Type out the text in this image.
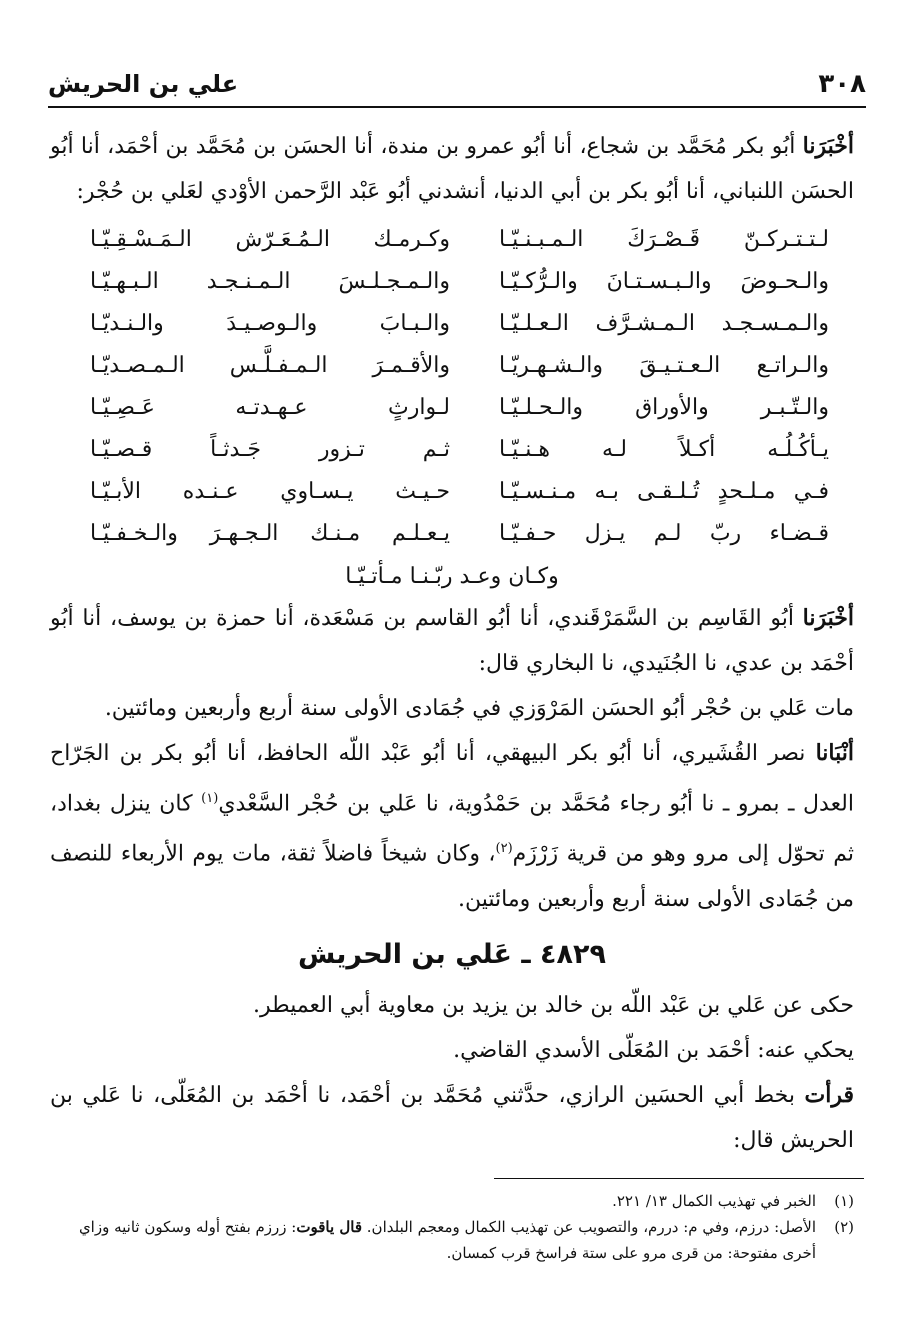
٣٠٨
علي بن الحريش

أخْبَرَنا أبُو بكر مُحَمَّد بن شجاع، أنا أبُو عمرو بن مندة، أنا الحسَن بن مُحَمَّد بن أحْمَد، أنا أبُو الحسَن اللنباني، أنا أبُو بكر بن أبي الدنيا، أنشدني أبُو عَبْد الرَّحمن الأوْدي لعَلي بن حُجْر:

لـتـتـركـنّ قَـصْـرَكَ الـمـبـنـيّـا
وكـرمـك الـمُـعَـرّش الـمَـسْـقِـيّـا
والـحـوضَ والـبـسـتـانَ والـرُّكـيّـا
والـمـجـلـسَ الـمـنـجـد الـبـهـيّـا
والـمـسـجـد الـمـشـرَّف الـعـلـيّـا
والـبـابَ والـوصـيـدَ والـنـديّـا
والـراتـع الـعـتـيـقَ والـشـهـريّـا
والأقـمـرَ الـمـفـلَّـس الـمـصـديّـا
والـتّـبـر والأوراق والـحـلـيّـا
لـوارثٍ عـهـدتـه عَـصِـيّـا
يـأكُـلُـه أكـلاً لـه هـنـيّـا
ثـم تـزور جَـدثـاً قـصـيّـا
فـي مـلـحدٍ تُـلـقـى بـه مـنـسـيّـا
حـيـث يـسـاوي عـنـده الأبـيّـا
قـضـاء ربّ لـم يـزل حـفـيّـا
يـعـلـم مـنـك الـجـهـرَ والـخـفـيّـا
وكـان وعـد ربّـنـا مـأتـيّـا

أخْبَرَنا أبُو القَاسِم بن السَّمَرْقَندي، أنا أبُو القاسم بن مَسْعَدة، أنا حمزة بن يوسف، أنا أبُو أحْمَد بن عدي، نا الجُنَيدي، نا البخاري قال:

مات عَلي بن حُجْر أبُو الحسَن المَرْوَزي في جُمَادى الأولى سنة أربع وأربعين ومائتين.

أنْبَانا نصر القُشَيري، أنا أبُو بكر البيهقي، أنا أبُو عَبْد اللّه الحافظ، أنا أبُو بكر بن الجَرّاح العدل ـ بمرو ـ نا أبُو رجاء مُحَمَّد بن حَمْدُوية، نا عَلي بن حُجْر السَّعْدي$^{(١)}$ كان ينزل بغداد، ثم تحوّل إلى مرو وهو من قرية زَرْزَم$^{(٢)}$، وكان شيخاً فاضلاً ثقة، مات يوم الأربعاء للنصف من جُمَادى الأولى سنة أربع وأربعين ومائتين.

٤٨٢٩ ـ عَلي بن الحريش

حكى عن عَلي بن عَبْد اللّه بن خالد بن يزيد بن معاوية أبي العميطر.

يحكي عنه: أحْمَد بن المُعَلّى الأسدي القاضي.

قرأت بخط أبي الحسَين الرازي، حدَّثني مُحَمَّد بن أحْمَد، نا أحْمَد بن المُعَلّى، نا عَلي بن الحريش قال:

(١)
الخبر في تهذيب الكمال ١٣/ ٢٢١.
(٢)
الأصل: درزم، وفي م: دررم، والتصويب عن تهذيب الكمال ومعجم البلدان. قال ياقوت: زرزم بفتح أوله وسكون ثانيه وزاي أخرى مفتوحة: من قرى مرو على ستة فراسخ قرب كمسان.
